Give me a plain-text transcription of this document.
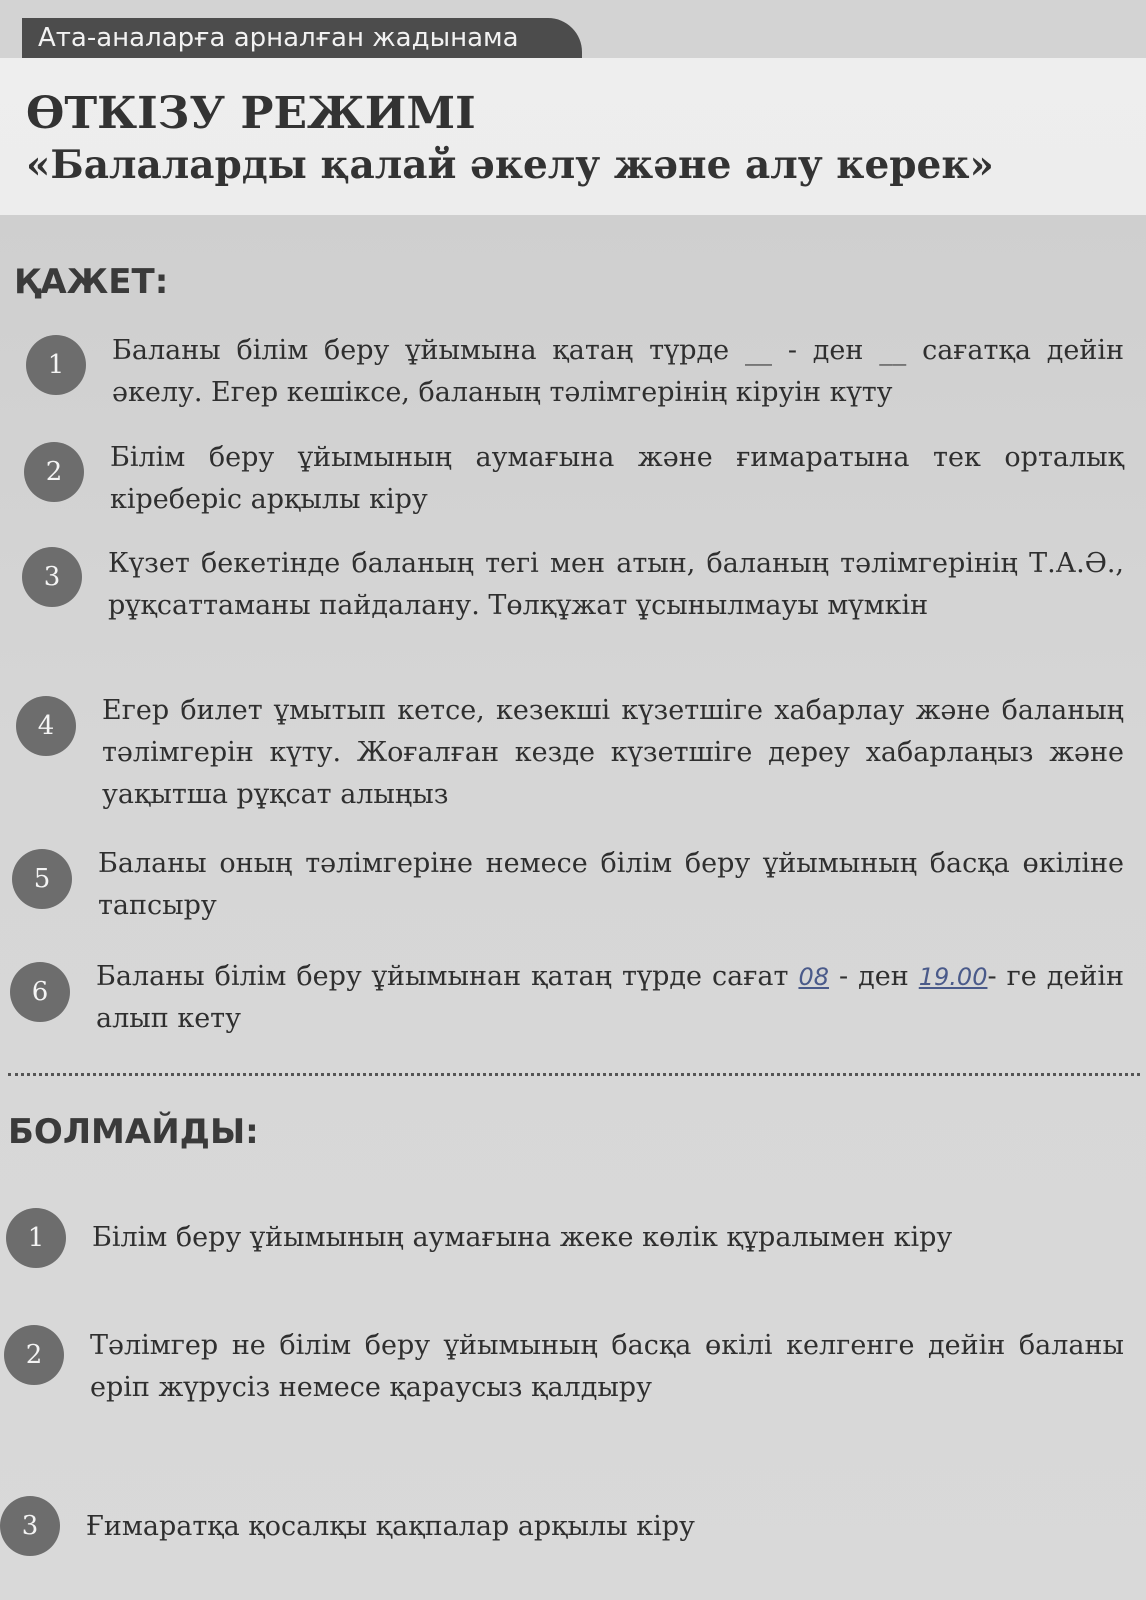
Ата-аналарға арналған жадынама
ӨТКІЗУ РЕЖИМІ
«Балаларды қалай әкелу және алу керек»
ҚАЖЕТ:
1	Баланы білім беру ұйымына қатаң түрде __ - ден __ сағатқа дейін әкелу. Егер кешіксе, баланың тәлімгерінің кіруін күту
2	Білім беру ұйымының аумағына және ғимаратына тек орталық кіреберіс арқылы кіру
3	Күзет бекетінде баланың тегі мен атын, баланың тәлімгерінің Т.А.Ә., рұқсаттаманы пайдалану. Төлқұжат ұсынылмауы мүмкін
4	Егер билет ұмытып кетсе, кезекші күзетшіге хабарлау және баланың тәлімгерін күту. Жоғалған кезде күзетшіге дереу хабарлаңыз және уақытша рұқсат алыңыз
5	Баланы оның тәлімгеріне немесе білім беру ұйымының басқа өкіліне тапсыру
6	Баланы білім беру ұйымынан қатаң түрде сағат 08 - ден 19.00- ге дейін алып кету
БОЛМАЙДЫ:
1	Білім беру ұйымының аумағына жеке көлік құралымен кіру
2	Тәлімгер не білім беру ұйымының басқа өкілі келгенге дейін баланы еріп жүрусіз немесе қараусыз қалдыру
3	Ғимаратқа қосалқы қақпалар арқылы кіру
